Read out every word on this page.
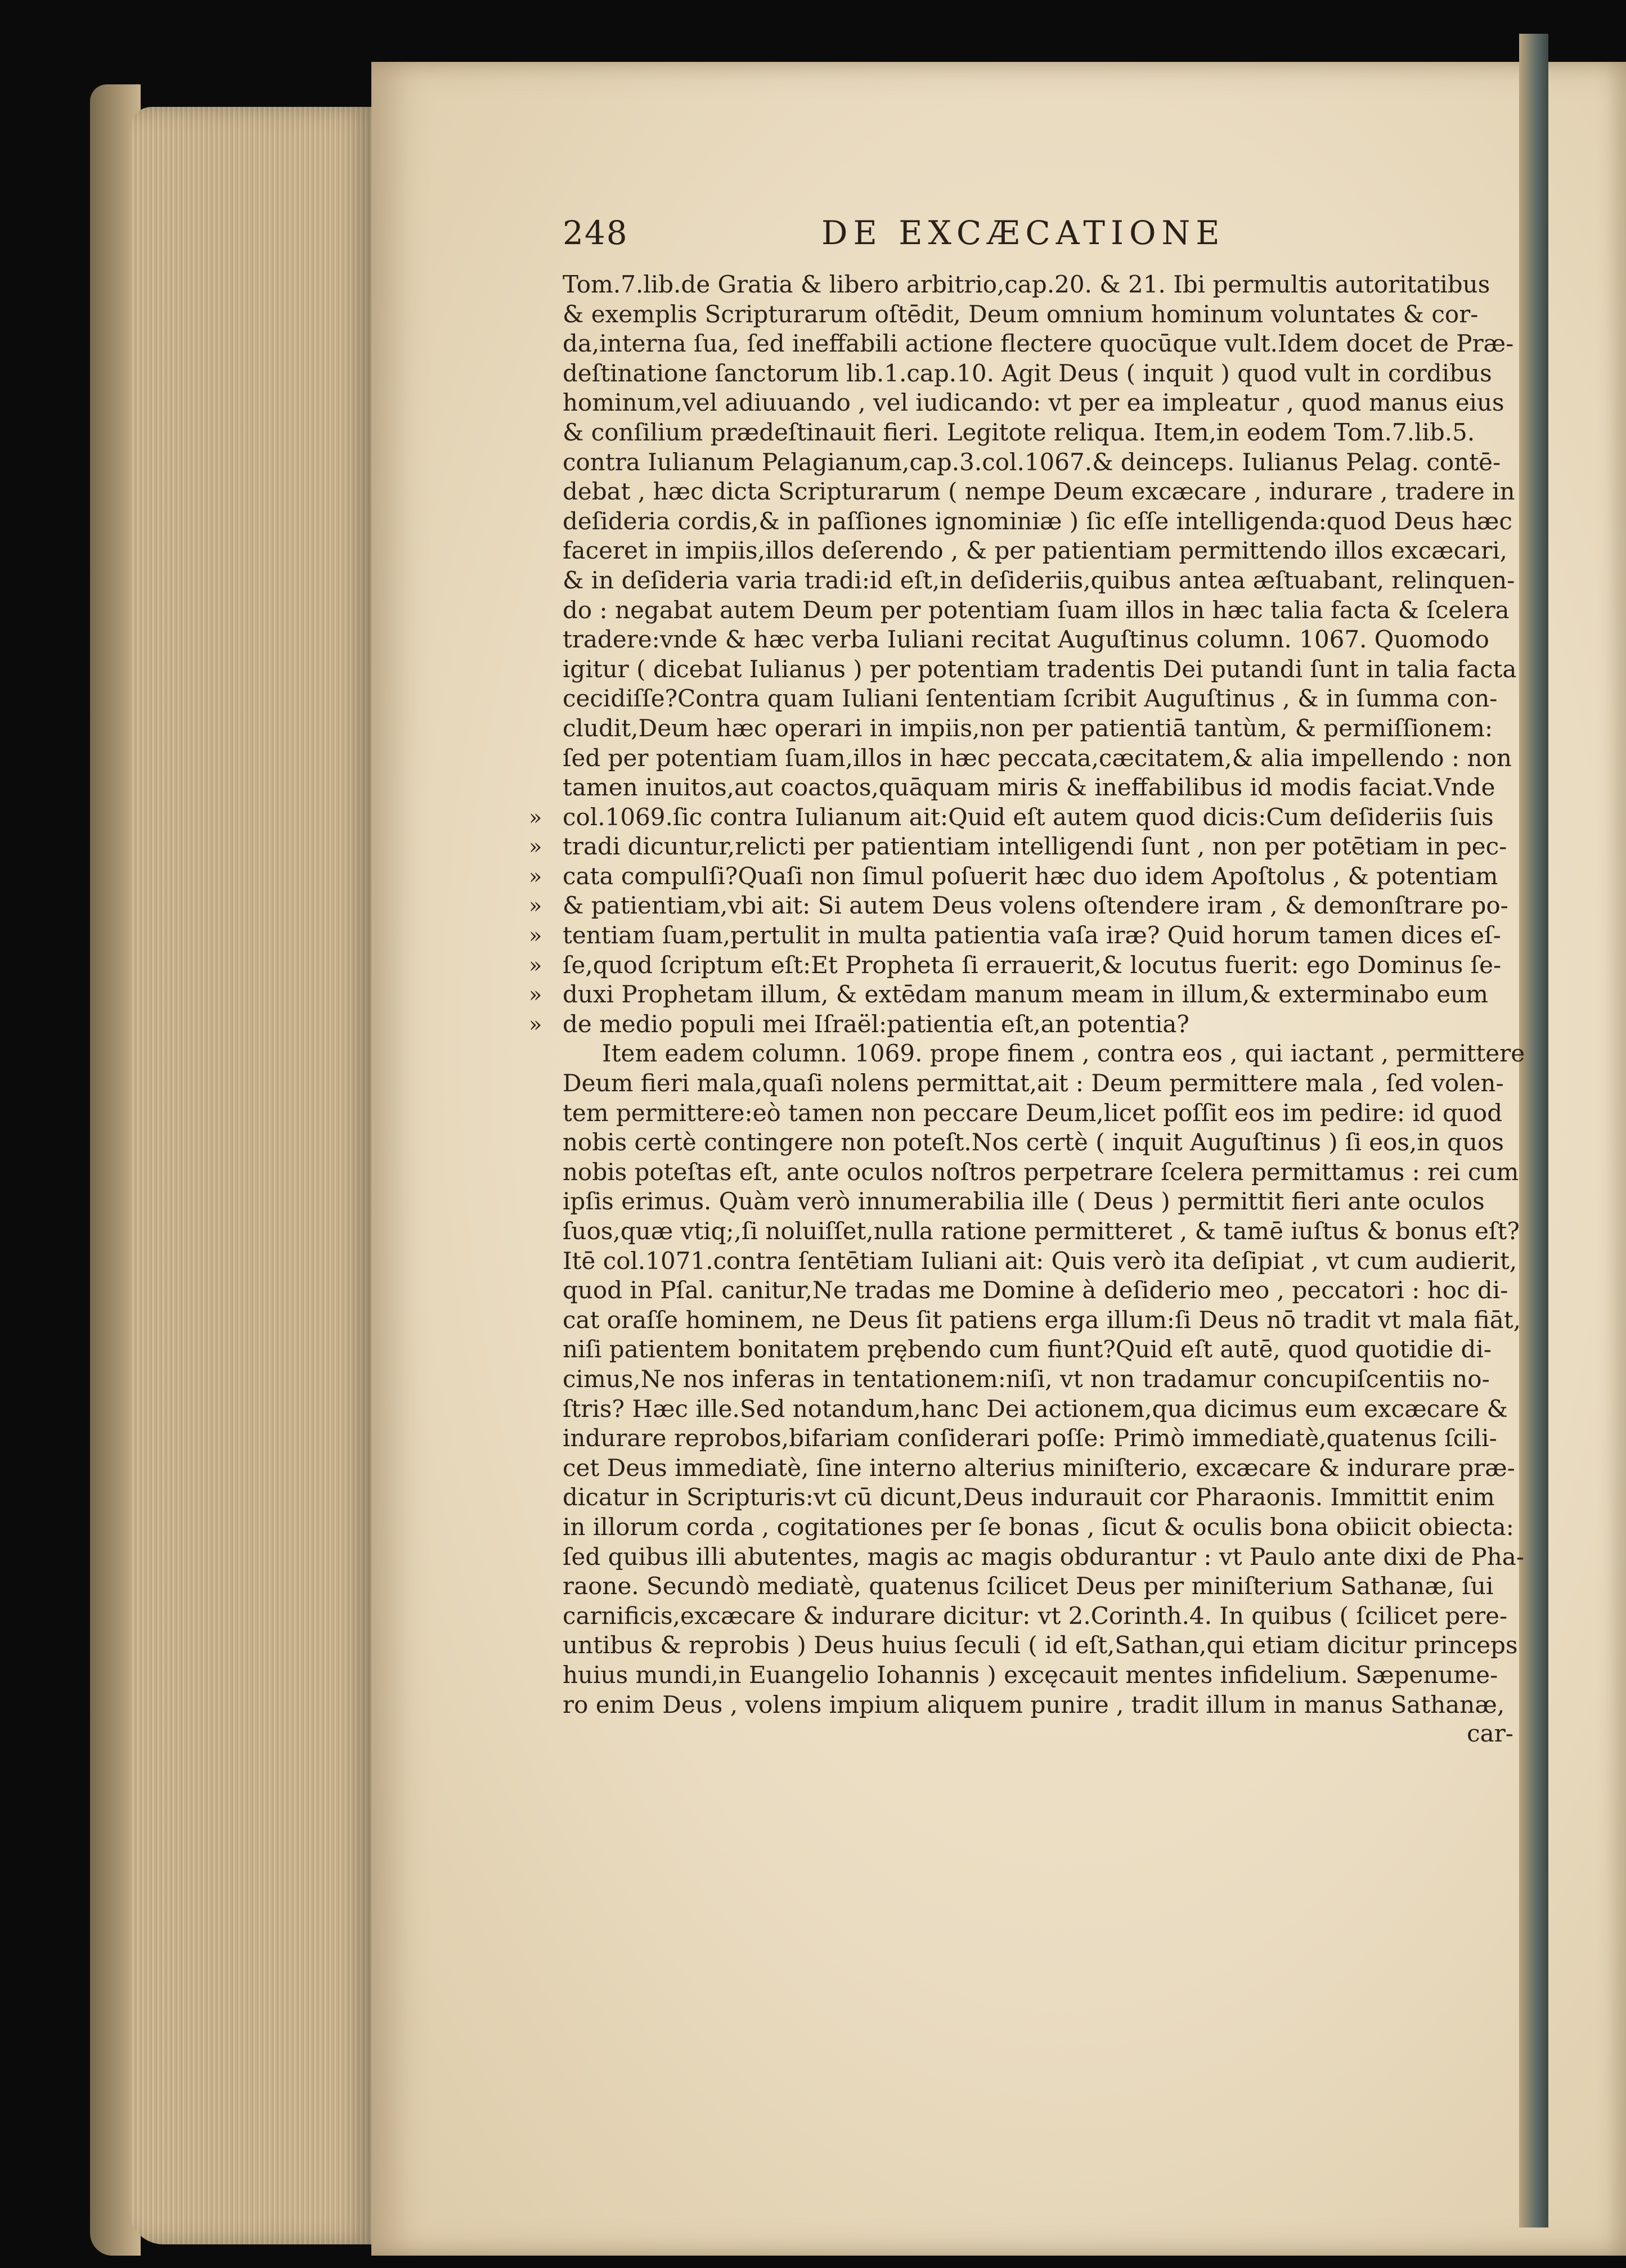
248	DE EXCÆCATIONE
Tom.7.lib.de Gratia & libero arbitrio,cap.20. & 21. Ibi permultis autoritatibus
& exemplis Scripturarum oſtēdit, Deum omnium hominum voluntates & cor-
da,interna ſua, ſed ineffabili actione flectere quocūque vult.Idem docet de Præ-
deſtinatione ſanctorum lib.1.cap.10. Agit Deus ( inquit ) quod vult in cordibus
hominum,vel adiuuando , vel iudicando: vt per ea impleatur , quod manus eius
& conſilium prædeſtinauit fieri. Legitote reliqua. Item,in eodem Tom.7.lib.5.
contra Iulianum Pelagianum,cap.3.col.1067.& deinceps. Iulianus Pelag. contē-
debat , hæc dicta Scripturarum ( nempe Deum excæcare , indurare , tradere in
deſideria cordis,& in paſſiones ignominiæ ) ſic eſſe intelligenda:quod Deus hæc
faceret in impiis,illos deſerendo , & per patientiam permittendo illos excæcari,
& in deſideria varia tradi:id eſt,in deſideriis,quibus antea æſtuabant, relinquen-
do : negabat autem Deum per potentiam ſuam illos in hæc talia facta & ſcelera
tradere:vnde & hæc verba Iuliani recitat Auguſtinus column. 1067. Quomodo
igitur ( dicebat Iulianus ) per potentiam tradentis Dei putandi ſunt in talia facta
cecidiſſe?Contra quam Iuliani ſententiam ſcribit Auguſtinus , & in ſumma con-
cludit,Deum hæc operari in impiis,non per patientiā tantùm, & permiſſionem:
ſed per potentiam ſuam,illos in hæc peccata,cæcitatem,& alia impellendo : non
tamen inuitos,aut coactos,quāquam miris & ineffabilibus id modis faciat.Vnde
» col.1069.ſic contra Iulianum ait:Quid eſt autem quod dicis:Cum deſideriis ſuis
» tradi dicuntur,relicti per patientiam intelligendi ſunt , non per potētiam in pec-
» cata compulſi?Quaſi non ſimul poſuerit hæc duo idem Apoſtolus , & potentiam
» & patientiam,vbi ait: Si autem Deus volens oſtendere iram , & demonſtrare po-
» tentiam ſuam,pertulit in multa patientia vaſa iræ? Quid horum tamen dices eſ-
» ſe,quod ſcriptum eſt:Et Propheta ſi errauerit,& locutus fuerit: ego Dominus ſe-
» duxi Prophetam illum, & extēdam manum meam in illum,& exterminabo eum
» de medio populi mei Iſraël:patientia eſt,an potentia?
Item eadem column. 1069. prope finem , contra eos , qui iactant , permittere
Deum fieri mala,quaſi nolens permittat,ait : Deum permittere mala , ſed volen-
tem permittere:eò tamen non peccare Deum,licet poſſit eos im pedire: id quod
nobis certè contingere non poteſt.Nos certè ( inquit Auguſtinus ) ſi eos,in quos
nobis poteſtas eſt, ante oculos noſtros perpetrare ſcelera permittamus : rei cum
ipſis erimus. Quàm verò innumerabilia ille ( Deus ) permittit fieri ante oculos
ſuos,quæ vtiq;,ſi noluiſſet,nulla ratione permitteret , & tamē iuſtus & bonus eſt?
Itē col.1071.contra ſentētiam Iuliani ait: Quis verò ita deſipiat , vt cum audierit,
quod in Pſal. canitur,Ne tradas me Domine à deſiderio meo , peccatori : hoc di-
cat oraſſe hominem, ne Deus ſit patiens erga illum:ſi Deus nō tradit vt mala fiāt,
niſi patientem bonitatem prębendo cum fiunt?Quid eſt autē, quod quotidie di-
cimus,Ne nos inferas in tentationem:niſi, vt non tradamur concupiſcentiis no-
ſtris? Hæc ille.Sed notandum,hanc Dei actionem,qua dicimus eum excæcare &
indurare reprobos,bifariam conſiderari poſſe: Primò immediatè,quatenus ſcili-
cet Deus immediatè, ſine interno alterius miniſterio, excæcare & indurare præ-
dicatur in Scripturis:vt cū dicunt,Deus indurauit cor Pharaonis. Immittit enim
in illorum corda , cogitationes per ſe bonas , ſicut & oculis bona obiicit obiecta:
ſed quibus illi abutentes, magis ac magis obdurantur : vt Paulo ante dixi de Pha-
raone. Secundò mediatè, quatenus ſcilicet Deus per miniſterium Sathanæ, ſui
carnificis,excæcare & indurare dicitur: vt 2.Corinth.4. In quibus ( ſcilicet pere-
untibus & reprobis ) Deus huius ſeculi ( id eſt,Sathan,qui etiam dicitur princeps
huius mundi,in Euangelio Iohannis ) excęcauit mentes infidelium. Sæpenume-
ro enim Deus , volens impium aliquem punire , tradit illum in manus Sathanæ,
car-
